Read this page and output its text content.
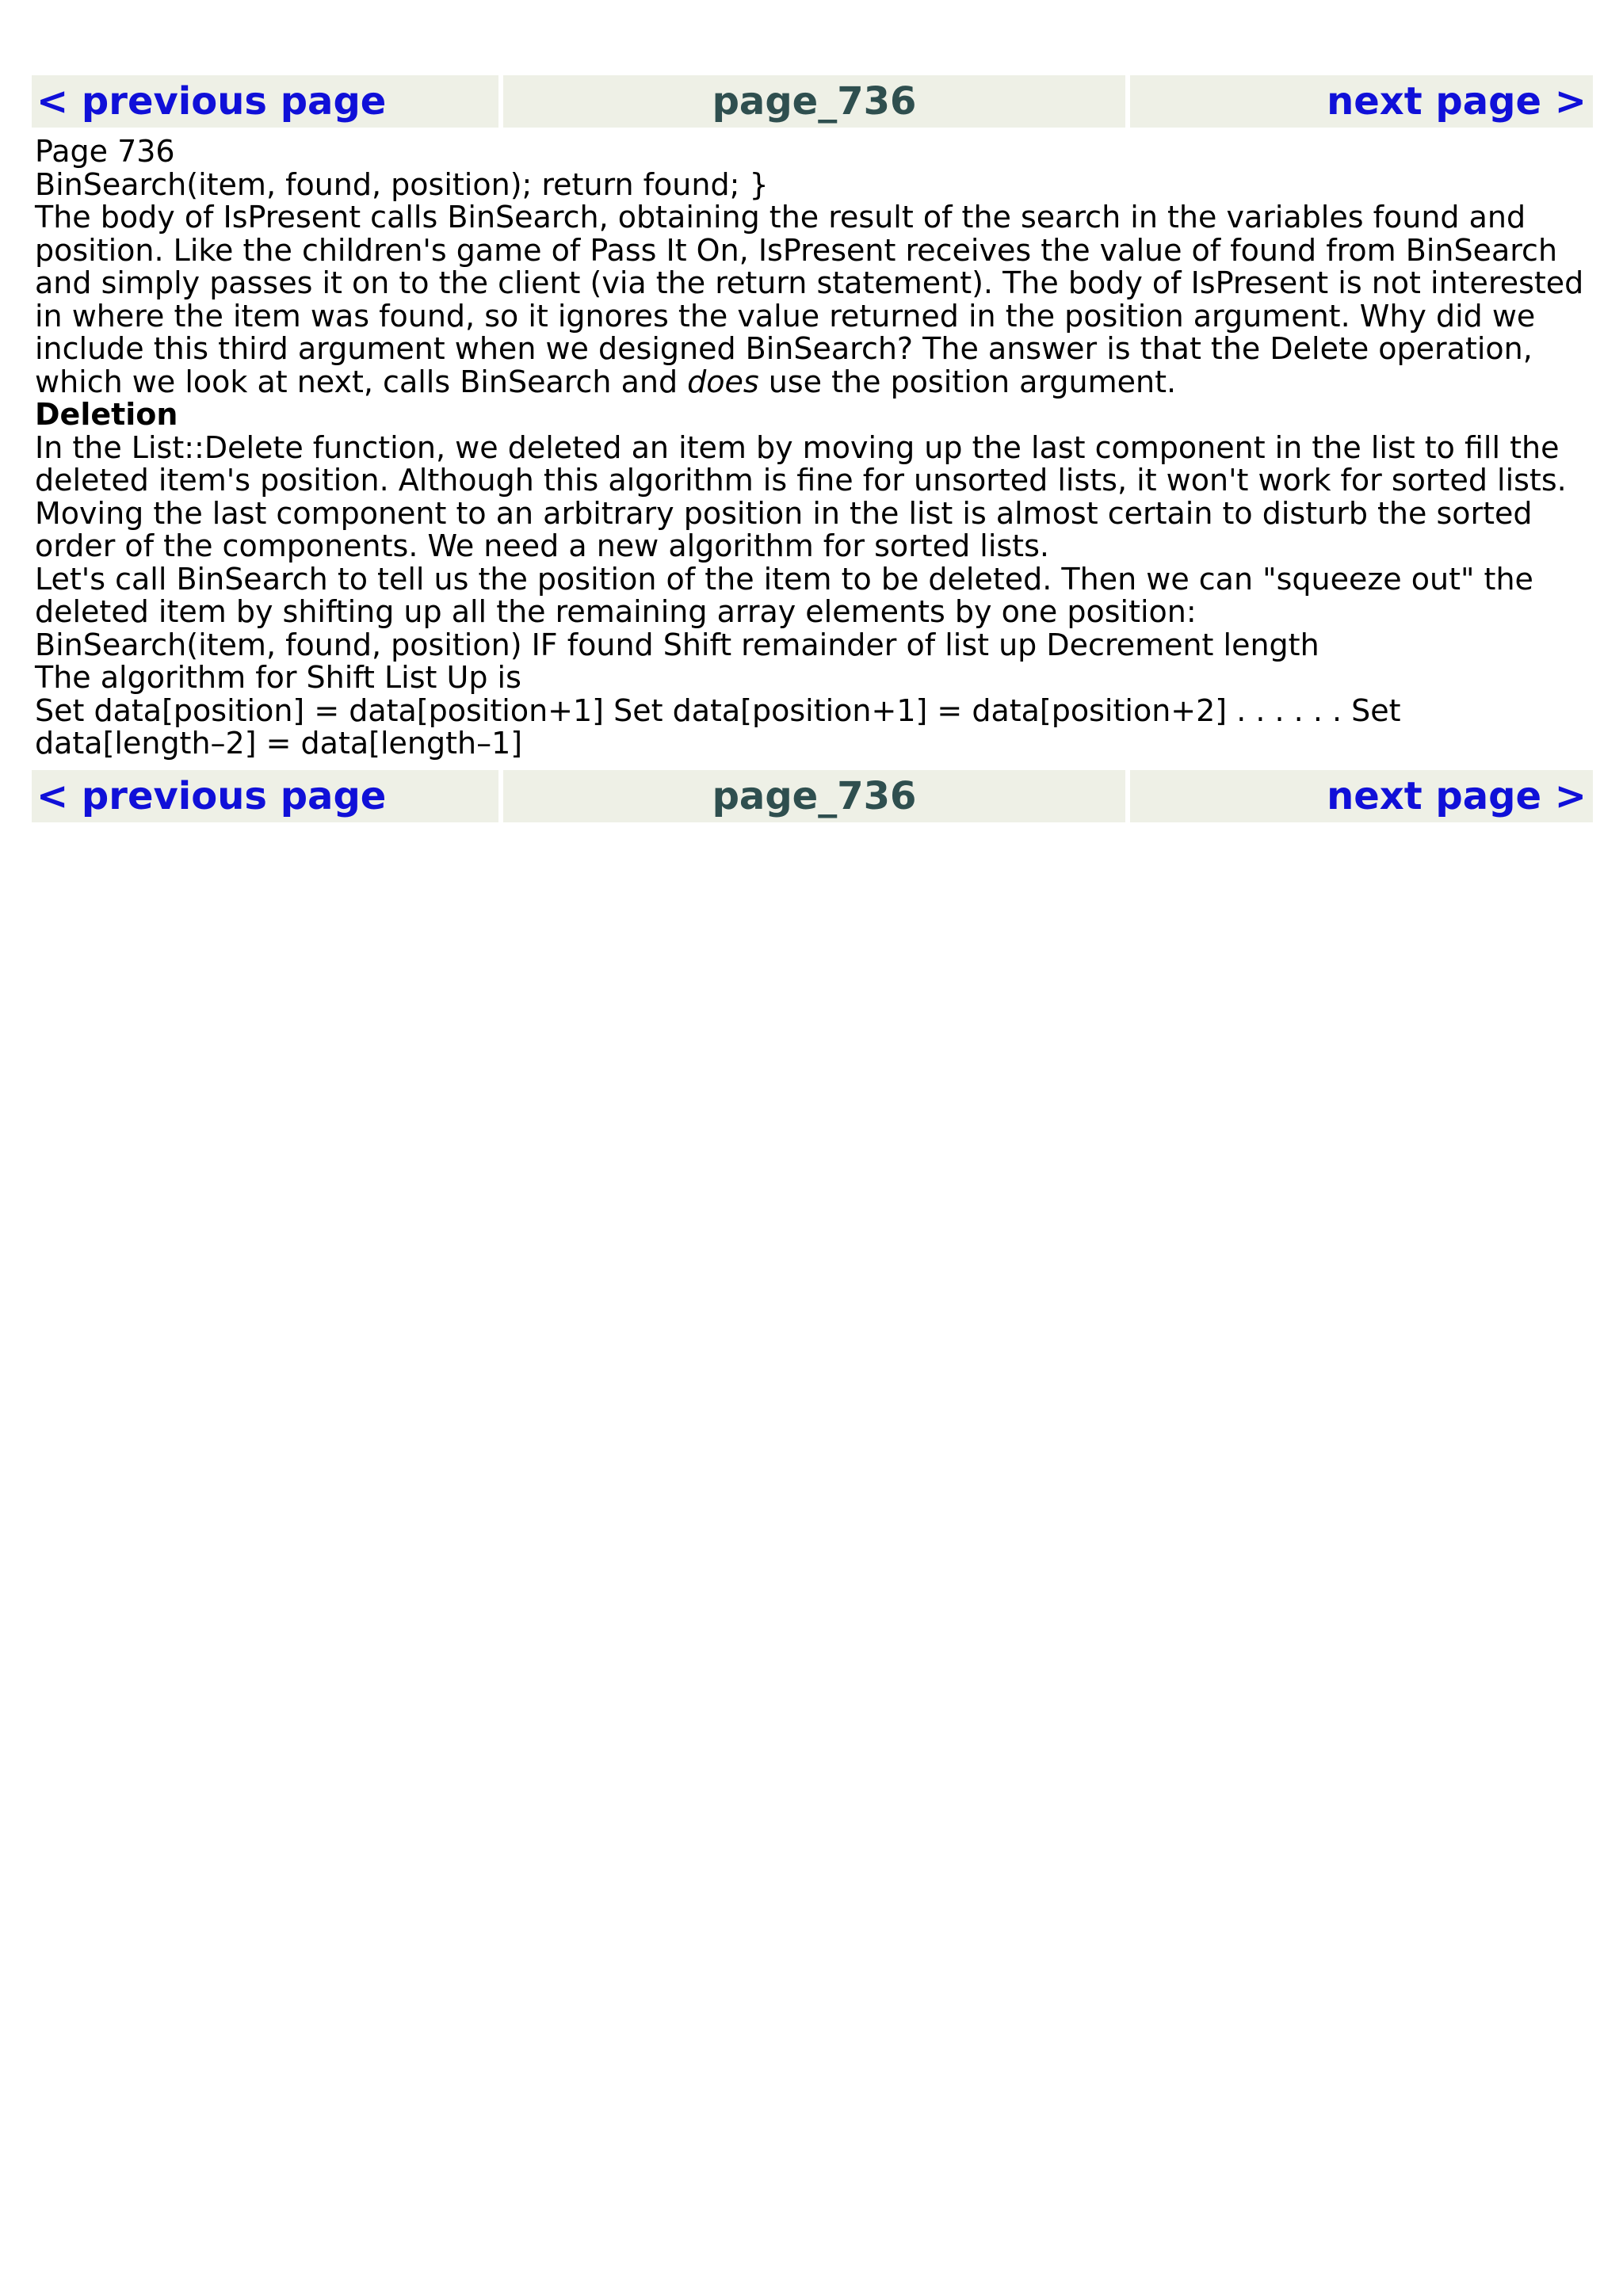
< previous page	page_736	next page >

Page 736

BinSearch(item, found, position); return found; }

The body of IsPresent calls BinSearch, obtaining the result of the search in the variables found and position. Like the children's game of Pass It On, IsPresent receives the value of found from BinSearch and simply passes it on to the client (via the return statement). The body of IsPresent is not interested in where the item was found, so it ignores the value returned in the position argument. Why did we include this third argument when we designed BinSearch? The answer is that the Delete operation, which we look at next, calls BinSearch and does use the position argument.

Deletion

In the List::Delete function, we deleted an item by moving up the last component in the list to fill the deleted item's position. Although this algorithm is fine for unsorted lists, it won't work for sorted lists. Moving the last component to an arbitrary position in the list is almost certain to disturb the sorted order of the components. We need a new algorithm for sorted lists.

Let's call BinSearch to tell us the position of the item to be deleted. Then we can "squeeze out" the deleted item by shifting up all the remaining array elements by one position:

BinSearch(item, found, position) IF found Shift remainder of list up Decrement length

The algorithm for Shift List Up is

Set data[position] = data[position+1] Set data[position+1] = data[position+2] . . . . . . Set data[length–2] = data[length–1]

< previous page	page_736	next page >
